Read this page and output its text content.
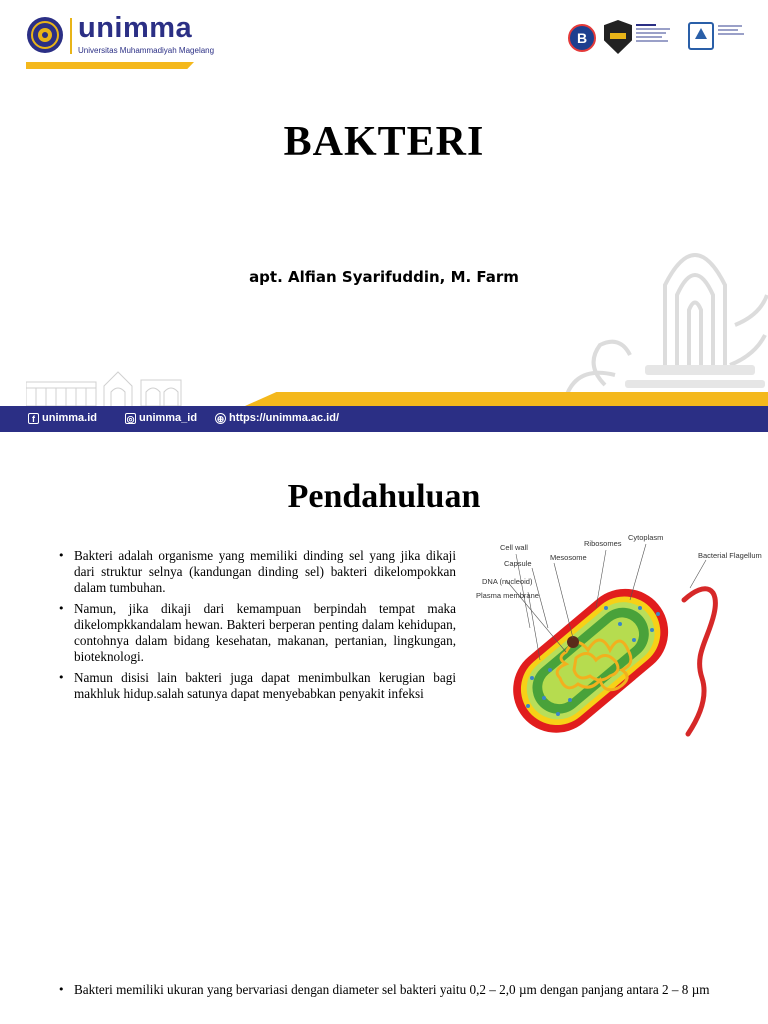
unimma
Universitas Muhammadiyah Magelang
B
BAKTERI
apt. Alfian Syarifuddin, M. Farm
f unimma.id	◎ unimma_id ⊕ https://unimma.ac.id/
Pendahuluan
• Bakteri adalah organisme yang memiliki dinding sel yang jika dikaji dari struktur selnya (kandungan dinding sel) bakteri dikelompokkan dalam tumbuhan.
• Namun, jika dikaji dari kemampuan berpindah tempat maka dikelompkkandalam hewan. Bakteri berperan penting dalam kehidupan, contohnya dalam bidang kesehatan, makanan, pertanian, lingkungan, bioteknologi.
• Namun disisi lain bakteri juga dapat menimbulkan kerugian bagi makhluk hidup.salah satunya dapat menyebabkan penyakit infeksi
Cell wall
Capsule
Mesosome
DNA (nucleoid)
Plasma membrane
Ribosomes
Cytoplasm
Bacterial Flagellum
• Bakteri memiliki ukuran yang bervariasi dengan diameter sel bakteri yaitu 0,2 – 2,0 µm dengan panjang antara 2 – 8 µm
